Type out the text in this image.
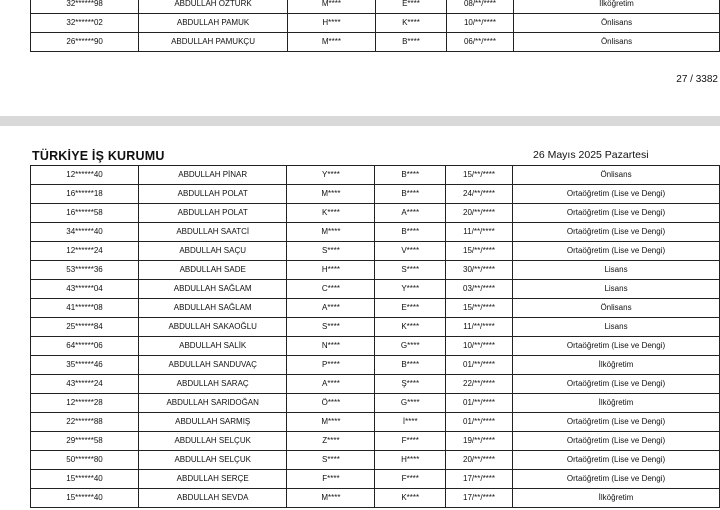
32******98	ABDULLAH ÖZTÜRK	M****	E****	08/**/****	İlköğretim
32******02	ABDULLAH PAMUK	H****	K****	10/**/****	Önlisans
26******90	ABDULLAH PAMUKÇU	M****	B****	06/**/****	Önlisans
27 / 3382
TÜRKİYE İŞ KURUMU	26 Mayıs 2025 Pazartesi
12******40	ABDULLAH PİNAR	Y****	B****	15/**/****	Önlisans
16******18	ABDULLAH POLAT	M****	B****	24/**/****	Ortaöğretim (Lise ve Dengi)
16******58	ABDULLAH POLAT	K****	A****	20/**/****	Ortaöğretim (Lise ve Dengi)
34******40	ABDULLAH SAATCİ	M****	B****	11/**/****	Ortaöğretim (Lise ve Dengi)
12******24	ABDULLAH SAÇU	S****	V****	15/**/****	Ortaöğretim (Lise ve Dengi)
53******36	ABDULLAH SADE	H****	S****	30/**/****	Lisans
43******04	ABDULLAH SAĞLAM	C****	Y****	03/**/****	Lisans
41******08	ABDULLAH SAĞLAM	A****	E****	15/**/****	Önlisans
25******84	ABDULLAH SAKAOĞLU	S****	K****	11/**/****	Lisans
64******06	ABDULLAH SALİK	N****	G****	10/**/****	Ortaöğretim (Lise ve Dengi)
35******46	ABDULLAH SANDUVAÇ	P****	B****	01/**/****	İlköğretim
43******24	ABDULLAH SARAÇ	A****	Ş****	22/**/****	Ortaöğretim (Lise ve Dengi)
12******28	ABDULLAH SARIDOĞAN	Ö****	G****	01/**/****	İlköğretim
22******88	ABDULLAH SARMIŞ	M****	İ****	01/**/****	Ortaöğretim (Lise ve Dengi)
29******58	ABDULLAH SELÇUK	Z****	F****	19/**/****	Ortaöğretim (Lise ve Dengi)
50******80	ABDULLAH SELÇUK	S****	H****	20/**/****	Ortaöğretim (Lise ve Dengi)
15******40	ABDULLAH SERÇE	F****	F****	17/**/****	Ortaöğretim (Lise ve Dengi)
15******40	ABDULLAH SEVDA	M****	K****	17/**/****	İlköğretim
